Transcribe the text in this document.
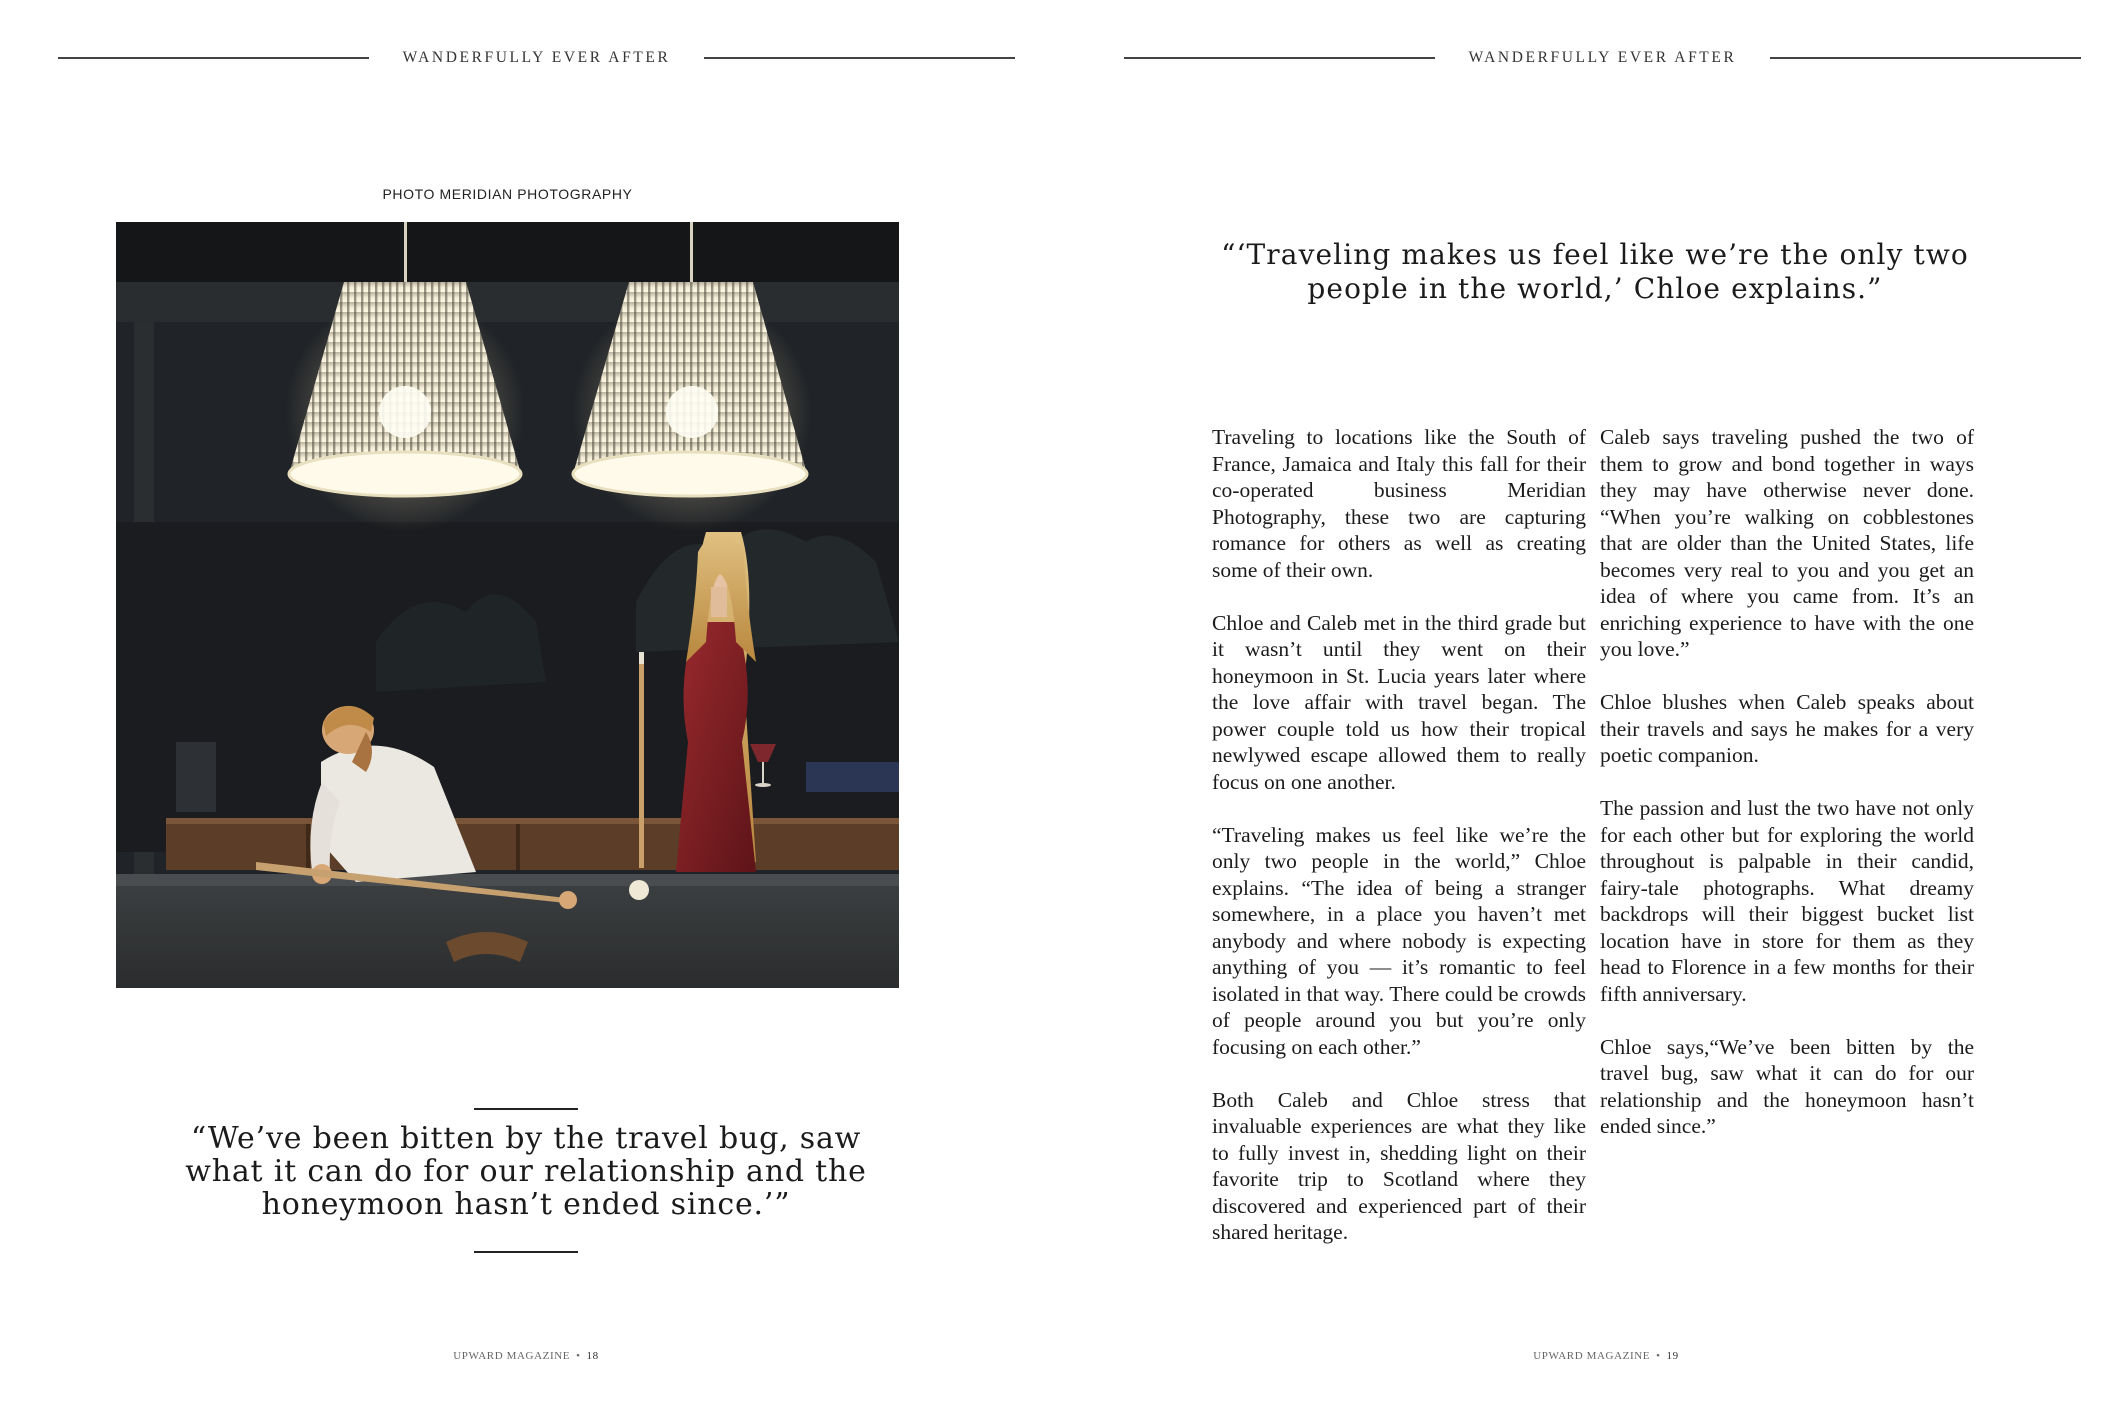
WANDERFULLY EVER AFTER
PHOTO MERIDIAN PHOTOGRAPHY
“We’ve been bitten by the travel bug, saw what it can do for our relationship and the honeymoon hasn’t ended since.’”
UPWARD MAGAZINE • 18
WANDERFULLY EVER AFTER
“‘Traveling makes us feel like we’re the only two people in the world,’ Chloe explains.”

Traveling to locations like the South of France, Jamaica and Italy this fall for their co-operated business Meridian Photography, these two are capturing romance for others as well as creating some of their own.

Chloe and Caleb met in the third grade but it wasn’t until they went on their honeymoon in St. Lucia years later where the love affair with travel began. The power couple told us how their tropical newlywed escape allowed them to really focus on one another.

“Traveling makes us feel like we’re the only two people in the world,” Chloe explains. “The idea of being a stranger somewhere, in a place you haven’t met anybody and where nobody is expecting anything of you — it’s romantic to feel isolated in that way. There could be crowds of people around you but you’re only focusing on each other.”

Both Caleb and Chloe stress that invaluable experiences are what they like to fully invest in, shedding light on their favorite trip to Scotland where they discovered and experienced part of their shared heritage.

Caleb says traveling pushed the two of them to grow and bond together in ways they may have otherwise never done. “When you’re walking on cobblestones that are older than the United States, life becomes very real to you and you get an idea of where you came from. It’s an enriching experience to have with the one you love.”

Chloe blushes when Caleb speaks about their travels and says he makes for a very poetic companion.

The passion and lust the two have not only for each other but for exploring the world throughout is palpable in their candid, fairy-tale photographs. What dreamy backdrops will their biggest bucket list location have in store for them as they head to Florence in a few months for their fifth anniversary.

Chloe says,“We’ve been bitten by the travel bug, saw what it can do for our relationship and the honeymoon hasn’t ended since.”

UPWARD MAGAZINE • 19
